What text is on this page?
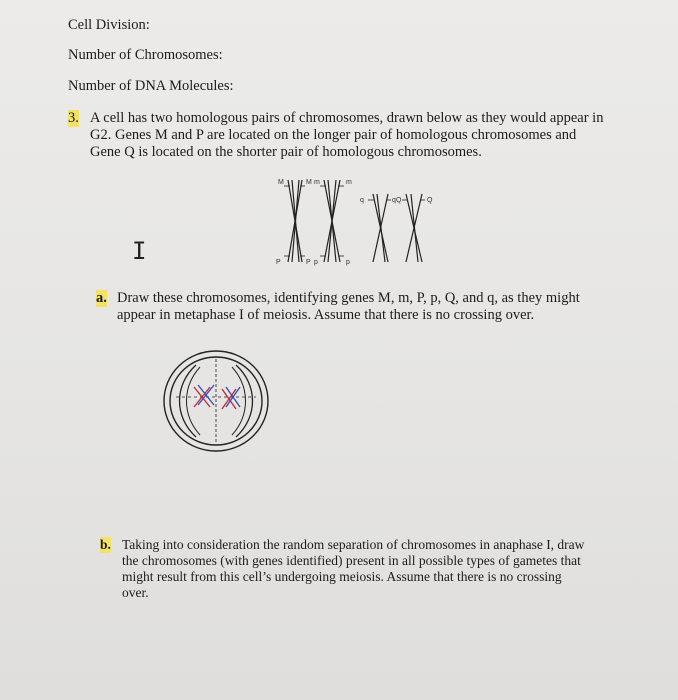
Cell Division:
Number of Chromosomes:
Number of DNA Molecules:
3. A cell has two homologous pairs of chromosomes, drawn below as they would appear in G2. Genes M and P are located on the longer pair of homologous chromosomes and Gene Q is located on the shorter pair of homologous chromosomes.
M	M m	m
P	P p	p
q	q Q	Q
I
a. Draw these chromosomes, identifying genes M, m, P, p, Q, and q, as they might appear in metaphase I of meiosis. Assume that there is no crossing over.
b. Taking into consideration the random separation of chromosomes in anaphase I, draw the chromosomes (with genes identified) present in all possible types of gametes that might result from this cell’s undergoing meiosis. Assume that there is no crossing over.
